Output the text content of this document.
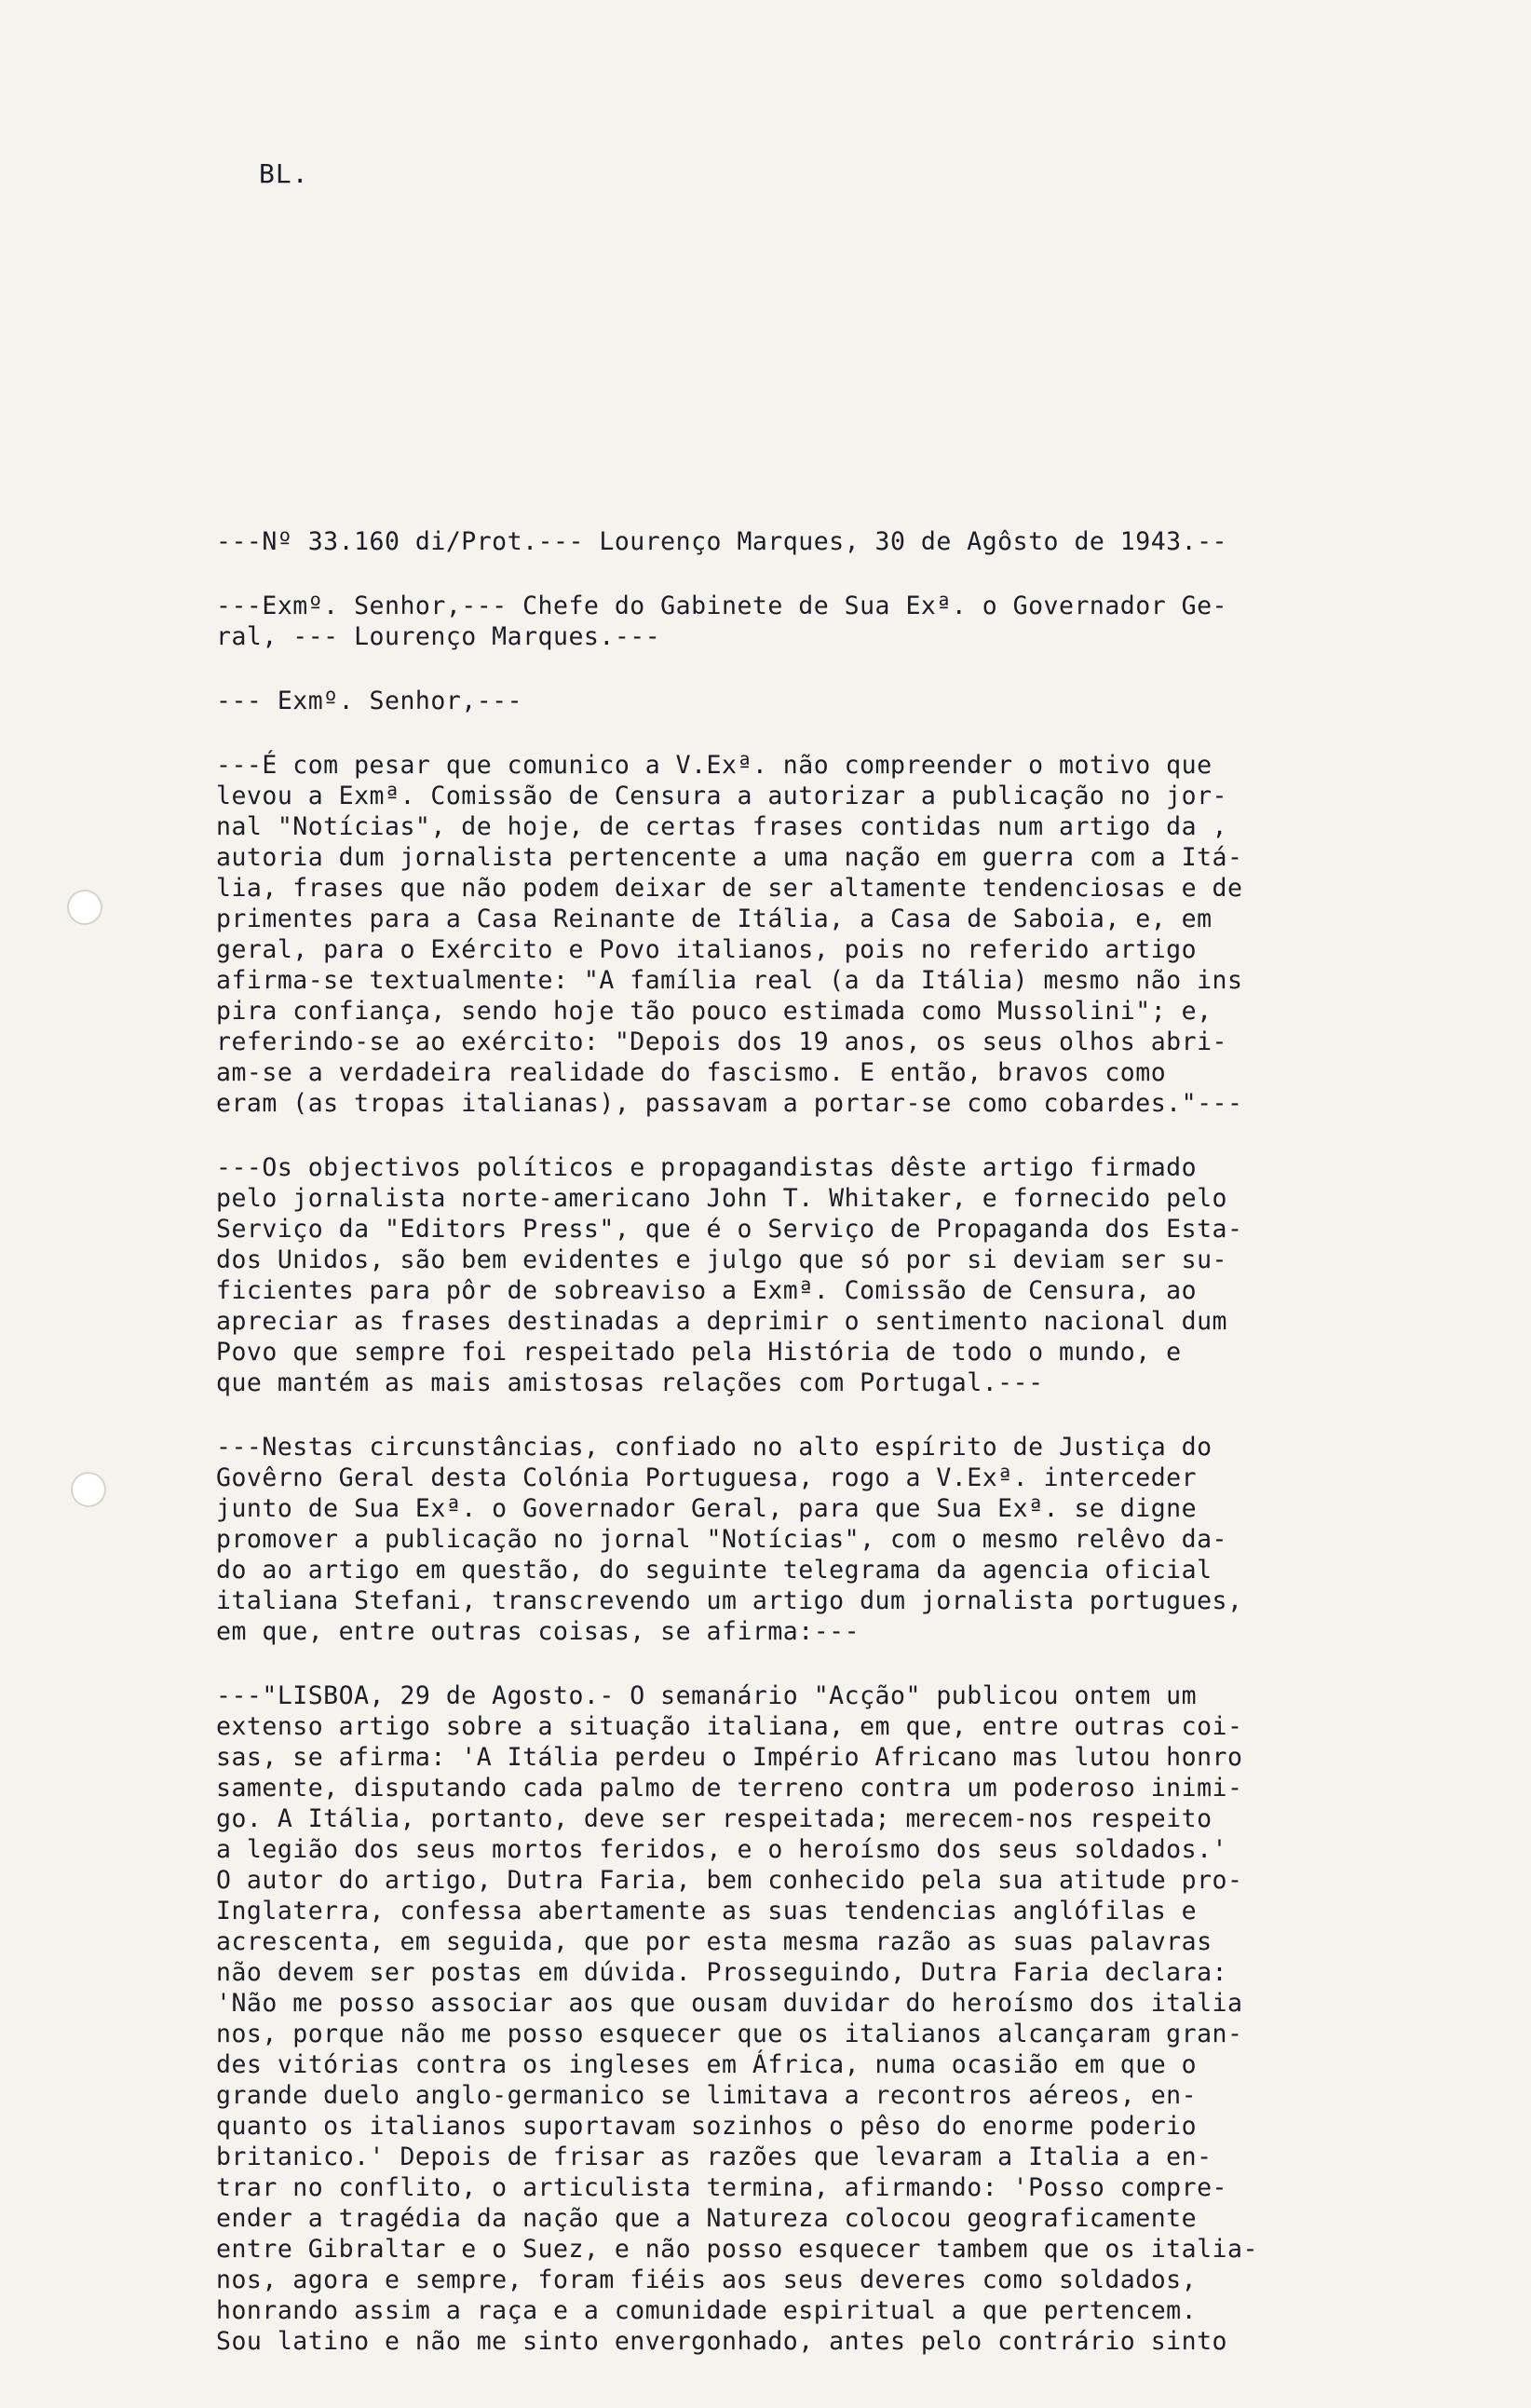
BL.
---Nº 33.160 di/Prot.--- Lourenço Marques, 30 de Agôsto de 1943.--
---Exmº. Senhor,--- Chefe do Gabinete de Sua Exª. o Governador Ge-
ral, --- Lourenço Marques.---
--- Exmº. Senhor,---
---É com pesar que comunico a V.Exª. não compreender o motivo que
levou a Exmª. Comissão de Censura a autorizar a publicação no jor-
nal "Notícias", de hoje, de certas frases contidas num artigo da ,
autoria dum jornalista pertencente a uma nação em guerra com a Itá-
lia, frases que não podem deixar de ser altamente tendenciosas e de
primentes para a Casa Reinante de Itália, a Casa de Saboia, e, em
geral, para o Exército e Povo italianos, pois no referido artigo
afirma-se textualmente: "A família real (a da Itália) mesmo não ins
pira confiança, sendo hoje tão pouco estimada como Mussolini"; e,
referindo-se ao exército: "Depois dos 19 anos, os seus olhos abri-
am-se a verdadeira realidade do fascismo. E então, bravos como
eram (as tropas italianas), passavam a portar-se como cobardes."---
---Os objectivos políticos e propagandistas dêste artigo firmado
pelo jornalista norte-americano John T. Whitaker, e fornecido pelo
Serviço da "Editors Press", que é o Serviço de Propaganda dos Esta-
dos Unidos, são bem evidentes e julgo que só por si deviam ser su-
ficientes para pôr de sobreaviso a Exmª. Comissão de Censura, ao
apreciar as frases destinadas a deprimir o sentimento nacional dum
Povo que sempre foi respeitado pela História de todo o mundo, e
que mantém as mais amistosas relações com Portugal.---
---Nestas circunstâncias, confiado no alto espírito de Justiça do
Govêrno Geral desta Colónia Portuguesa, rogo a V.Exª. interceder
junto de Sua Exª. o Governador Geral, para que Sua Exª. se digne
promover a publicação no jornal "Notícias", com o mesmo relêvo da-
do ao artigo em questão, do seguinte telegrama da agencia oficial
italiana Stefani, transcrevendo um artigo dum jornalista portugues,
em que, entre outras coisas, se afirma:---
---"LISBOA, 29 de Agosto.- O semanário "Acção" publicou ontem um
extenso artigo sobre a situação italiana, em que, entre outras coi-
sas, se afirma: 'A Itália perdeu o Império Africano mas lutou honro
samente, disputando cada palmo de terreno contra um poderoso inimi-
go. A Itália, portanto, deve ser respeitada; merecem-nos respeito
a legião dos seus mortos feridos, e o heroísmo dos seus soldados.'
O autor do artigo, Dutra Faria, bem conhecido pela sua atitude pro-
Inglaterra, confessa abertamente as suas tendencias anglófilas e
acrescenta, em seguida, que por esta mesma razão as suas palavras
não devem ser postas em dúvida. Prosseguindo, Dutra Faria declara:
'Não me posso associar aos que ousam duvidar do heroísmo dos italia
nos, porque não me posso esquecer que os italianos alcançaram gran-
des vitórias contra os ingleses em África, numa ocasião em que o
grande duelo anglo-germanico se limitava a recontros aéreos, en-
quanto os italianos suportavam sozinhos o pêso do enorme poderio
britanico.' Depois de frisar as razões que levaram a Italia a en-
trar no conflito, o articulista termina, afirmando: 'Posso compre-
ender a tragédia da nação que a Natureza colocou geograficamente
entre Gibraltar e o Suez, e não posso esquecer tambem que os italia-
nos, agora e sempre, foram fiéis aos seus deveres como soldados,
honrando assim a raça e a comunidade espiritual a que pertencem.
Sou latino e não me sinto envergonhado, antes pelo contrário sinto
